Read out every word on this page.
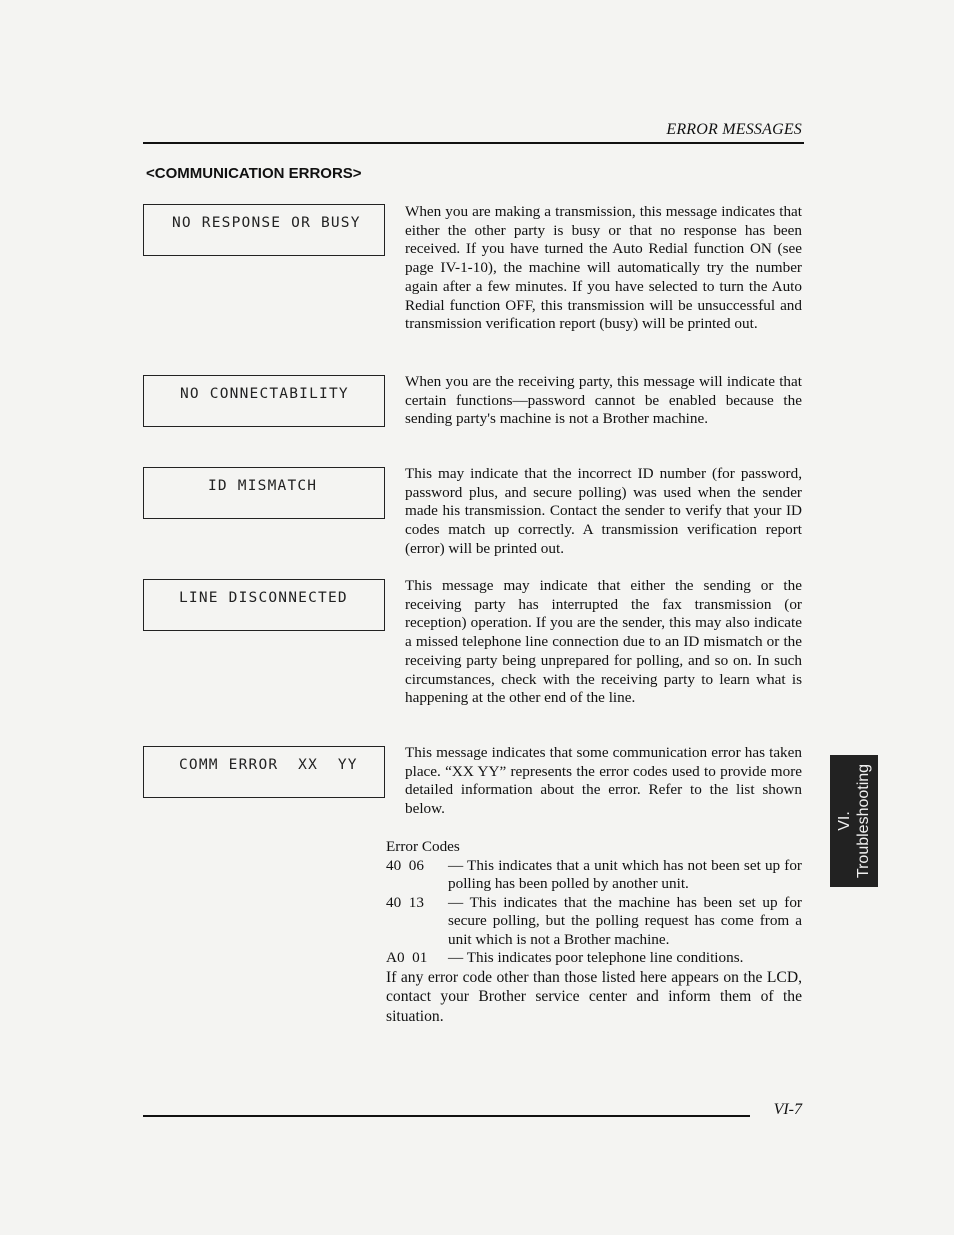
ERROR MESSAGES
<COMMUNICATION ERRORS>
NO RESPONSE OR BUSY
When you are making a transmission, this message indicates that either the other party is busy or that no response has been received. If you have turned the Auto Redial function ON (see page IV-1-10), the machine will automatically try the number again after a few minutes. If you have selected to turn the Auto Redial function OFF, this transmission will be unsuccessful and transmission verification report (busy) will be printed out.
NO CONNECTABILITY
When you are the receiving party, this message will indicate that certain functions—password cannot be enabled because the sending party's machine is not a Brother machine.
ID MISMATCH
This may indicate that the incorrect ID number (for password, password plus, and secure polling) was used when the sender made his transmission. Contact the sender to verify that your ID codes match up correctly. A transmission verification report (error) will be printed out.
LINE DISCONNECTED
This message may indicate that either the sending or the receiving party has interrupted the fax transmission (or reception) operation. If you are the sender, this may also indicate a missed telephone line connection due to an ID mismatch or the receiving party being unprepared for polling, and so on. In such circumstances, check with the receiving party to learn what is happening at the other end of the line.
COMM ERROR  XX  YY
This message indicates that some communication error has taken place. “XX YY” represents the error codes used to provide more detailed information about the error. Refer to the list shown below.

Error Codes

40  06	— This indicates that a unit which has not been set up for polling has been polled by another unit.
40  13	— This indicates that the machine has been set up for secure polling, but the polling request has come from a unit which is not a Brother machine.
A0  01	— This indicates poor telephone line conditions.

If any error code other than those listed here appears on the LCD, contact your Brother service center and inform them of the situation.

VI. Troubleshooting
VI-7
